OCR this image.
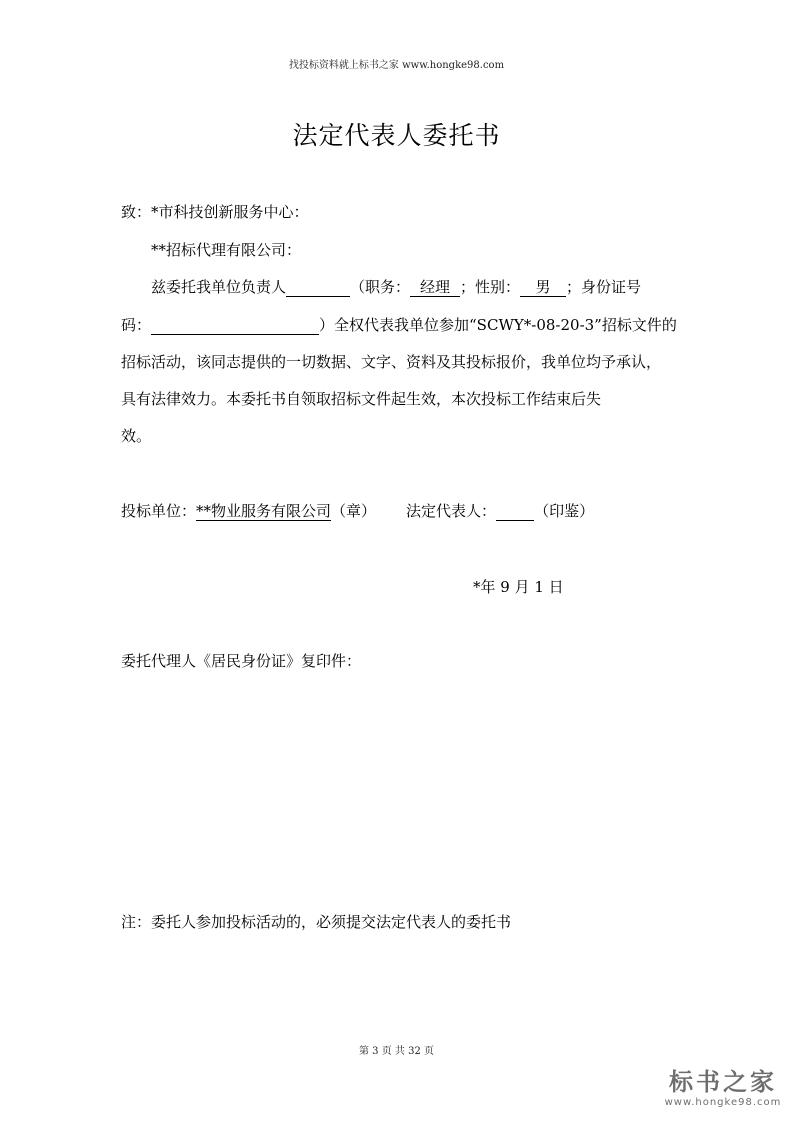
找投标资料就上标书之家 www.hongke98.com
法定代表人委托书
致：*市科技创新服务中心：
**招标代理有限公司：
兹委托我单位负责人	（职务： 经理 ；性别： 男 ；身份证号
码：	）全权代表我单位参加“SCWY*-08-20-3”招标文件的
招标活动，该同志提供的一切数据、文字、资料及其投标报价，我单位均予承认，
具有法律效力。本委托书自领取招标文件起生效，本次投标工作结束后失
效。
投标单位：**物业服务有限公司（章） 法定代表人：	（印鉴）
*年 9 月 1 日
委托代理人《居民身份证》复印件：
注：委托人参加投标活动的，必须提交法定代表人的委托书
第 3 页 共 32 页
标书之家
www.hongke98.com
